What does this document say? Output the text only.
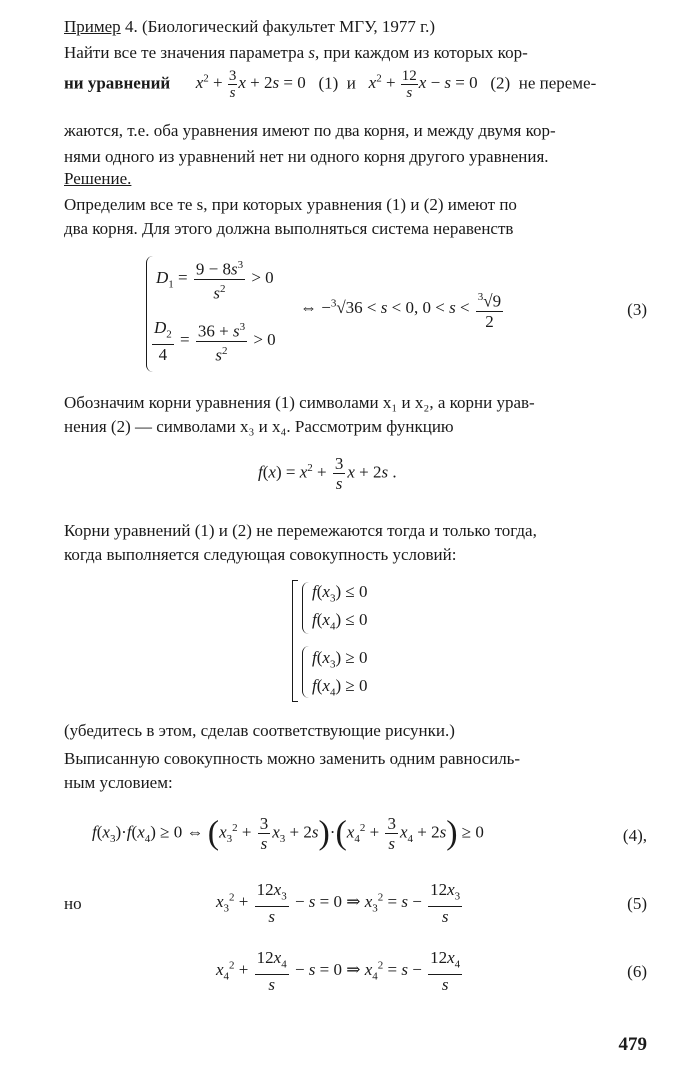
Пример 4. (Биологический факультет МГУ, 1977 г.)

Найти все те значения параметра s, при каждом из которых кор-

ни уравнений $x^2 + \frac{3}{s}$ x + 2s = 0 (1) и $x^2 + \frac{12}{s}$ x − s = 0 (2) не переме-

жаются, т.е. оба уравнения имеют по два корня, и между двумя кор-

нями одного из уравнений нет ни одного корня другого уравнения.

Решение.

Определим все те s, при которых уравнения (1) и (2) имеют по

два корня. Для этого должна выполняться система неравенств

$D_1 = \frac{9 - 8s^3}{s^2} > 0$
$\frac{D_2}{4} = \frac{36 + s^3}{s^2} > 0$
⇔ −$^3$√36 < s < 0, $0 < s < \frac{^3√9}{2}$	(3)

Обозначим корни уравнения (1) символами x₁ и x₂, а корни урав-

нения (2) — символами x₃ и x₄. Рассмотрим функцию

$f(x) = x^2 + \frac{3}{s}$ x + 2s .

Корни уравнений (1) и (2) не перемежаются тогда и только тогда,

когда выполняется следующая совокупность условий:

$f(x_3) \le 0$
$f(x_4) \le 0$
$f(x_3) \ge 0$
$f(x_4) \ge 0$

(убедитесь в этом, сделав соответствующие рисунки.)

Выписанную совокупность можно заменить одним равносиль-

ным условием:

$f(x_3)\cdot f(x_4) \ge 0$ ⇔ $(x_3^2 + \frac{3}{s} x_3 + 2s)\cdot(x_4^2 + \frac{3}{s} x_4 + 2s) \ge 0$	(4),
но	$x_3^2 + \frac{12x_3}{s} - s = 0$ ⇒ $x_3^2 = s - \frac{12x_3}{s}$	(5)
$x_4^2 + \frac{12x_4}{s} - s = 0$ ⇒ $x_4^2 = s - \frac{12x_4}{s}$	(6)
479
